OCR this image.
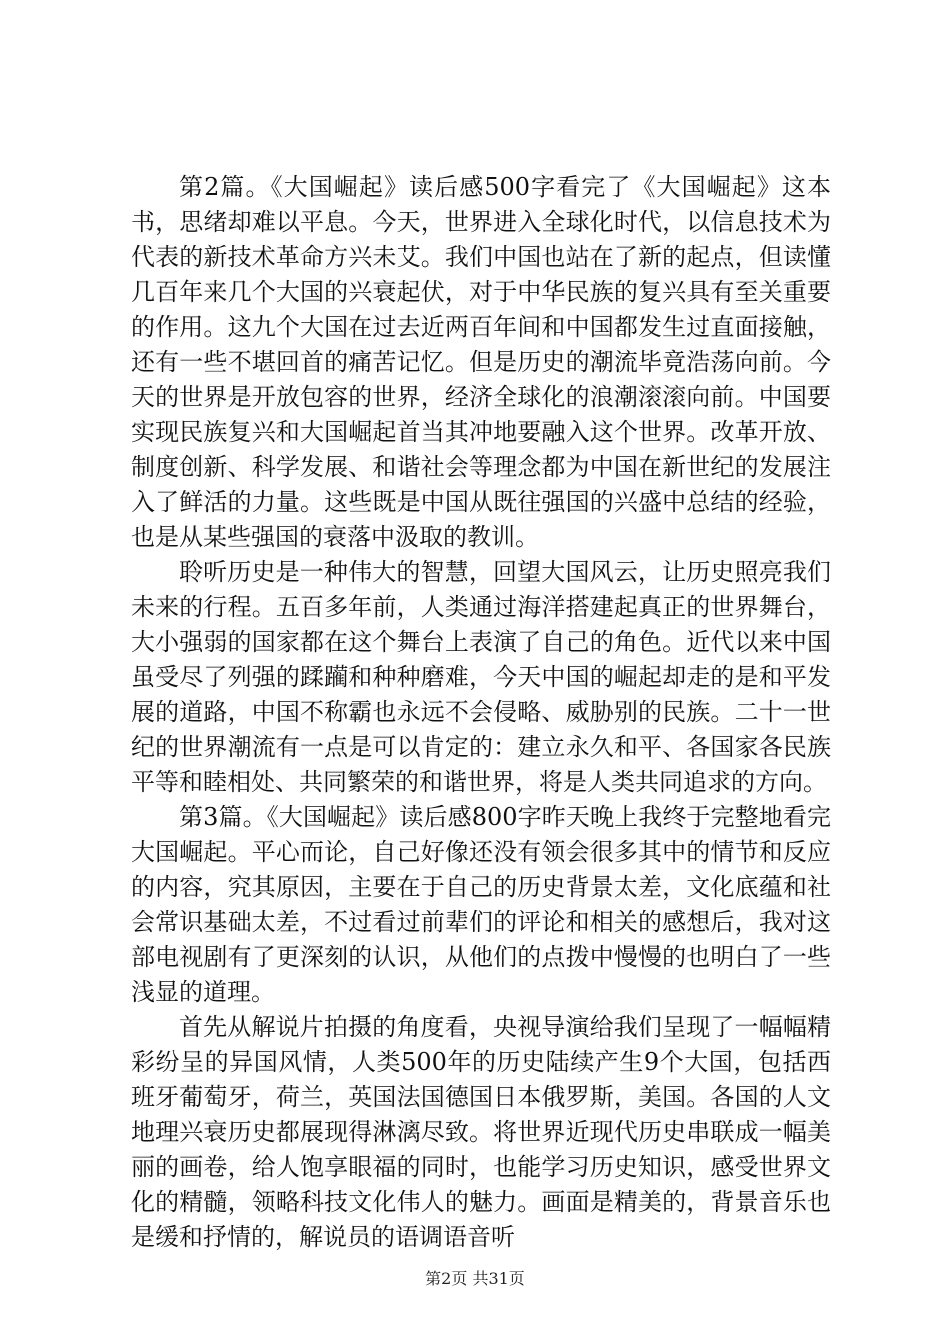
第2篇。《大国崛起》读后感500字看完了《大国崛起》这本书，思绪却难以平息。今天，世界进入全球化时代，以信息技术为代表的新技术革命方兴未艾。我们中国也站在了新的起点，但读懂几百年来几个大国的兴衰起伏，对于中华民族的复兴具有至关重要的作用。这九个大国在过去近两百年间和中国都发生过直面接触，还有一些不堪回首的痛苦记忆。但是历史的潮流毕竟浩荡向前。今天的世界是开放包容的世界，经济全球化的浪潮滚滚向前。中国要实现民族复兴和大国崛起首当其冲地要融入这个世界。改革开放、制度创新、科学发展、和谐社会等理念都为中国在新世纪的发展注入了鲜活的力量。这些既是中国从既往强国的兴盛中总结的经验，也是从某些强国的衰落中汲取的教训。

聆听历史是一种伟大的智慧，回望大国风云，让历史照亮我们未来的行程。五百多年前，人类通过海洋搭建起真正的世界舞台，大小强弱的国家都在这个舞台上表演了自己的角色。近代以来中国虽受尽了列强的蹂躏和种种磨难，今天中国的崛起却走的是和平发展的道路，中国不称霸也永远不会侵略、威胁别的民族。二十一世纪的世界潮流有一点是可以肯定的：建立永久和平、各国家各民族平等和睦相处、共同繁荣的和谐世界，将是人类共同追求的方向。

第3篇。《大国崛起》读后感800字昨天晚上我终于完整地看完大国崛起。平心而论，自己好像还没有领会很多其中的情节和反应的内容，究其原因，主要在于自己的历史背景太差，文化底蕴和社会常识基础太差，不过看过前辈们的评论和相关的感想后，我对这部电视剧有了更深刻的认识，从他们的点拨中慢慢的也明白了一些浅显的道理。

首先从解说片拍摄的角度看，央视导演给我们呈现了一幅幅精彩纷呈的异国风情，人类500年的历史陆续产生9个大国，包括西班牙葡萄牙，荷兰，英国法国德国日本俄罗斯，美国。各国的人文地理兴衰历史都展现得淋漓尽致。将世界近现代历史串联成一幅美丽的画卷，给人饱享眼福的同时，也能学习历史知识，感受世界文化的精髓，领略科技文化伟人的魅力。画面是精美的，背景音乐也是缓和抒情的，解说员的语调语音听

第2页 共31页
